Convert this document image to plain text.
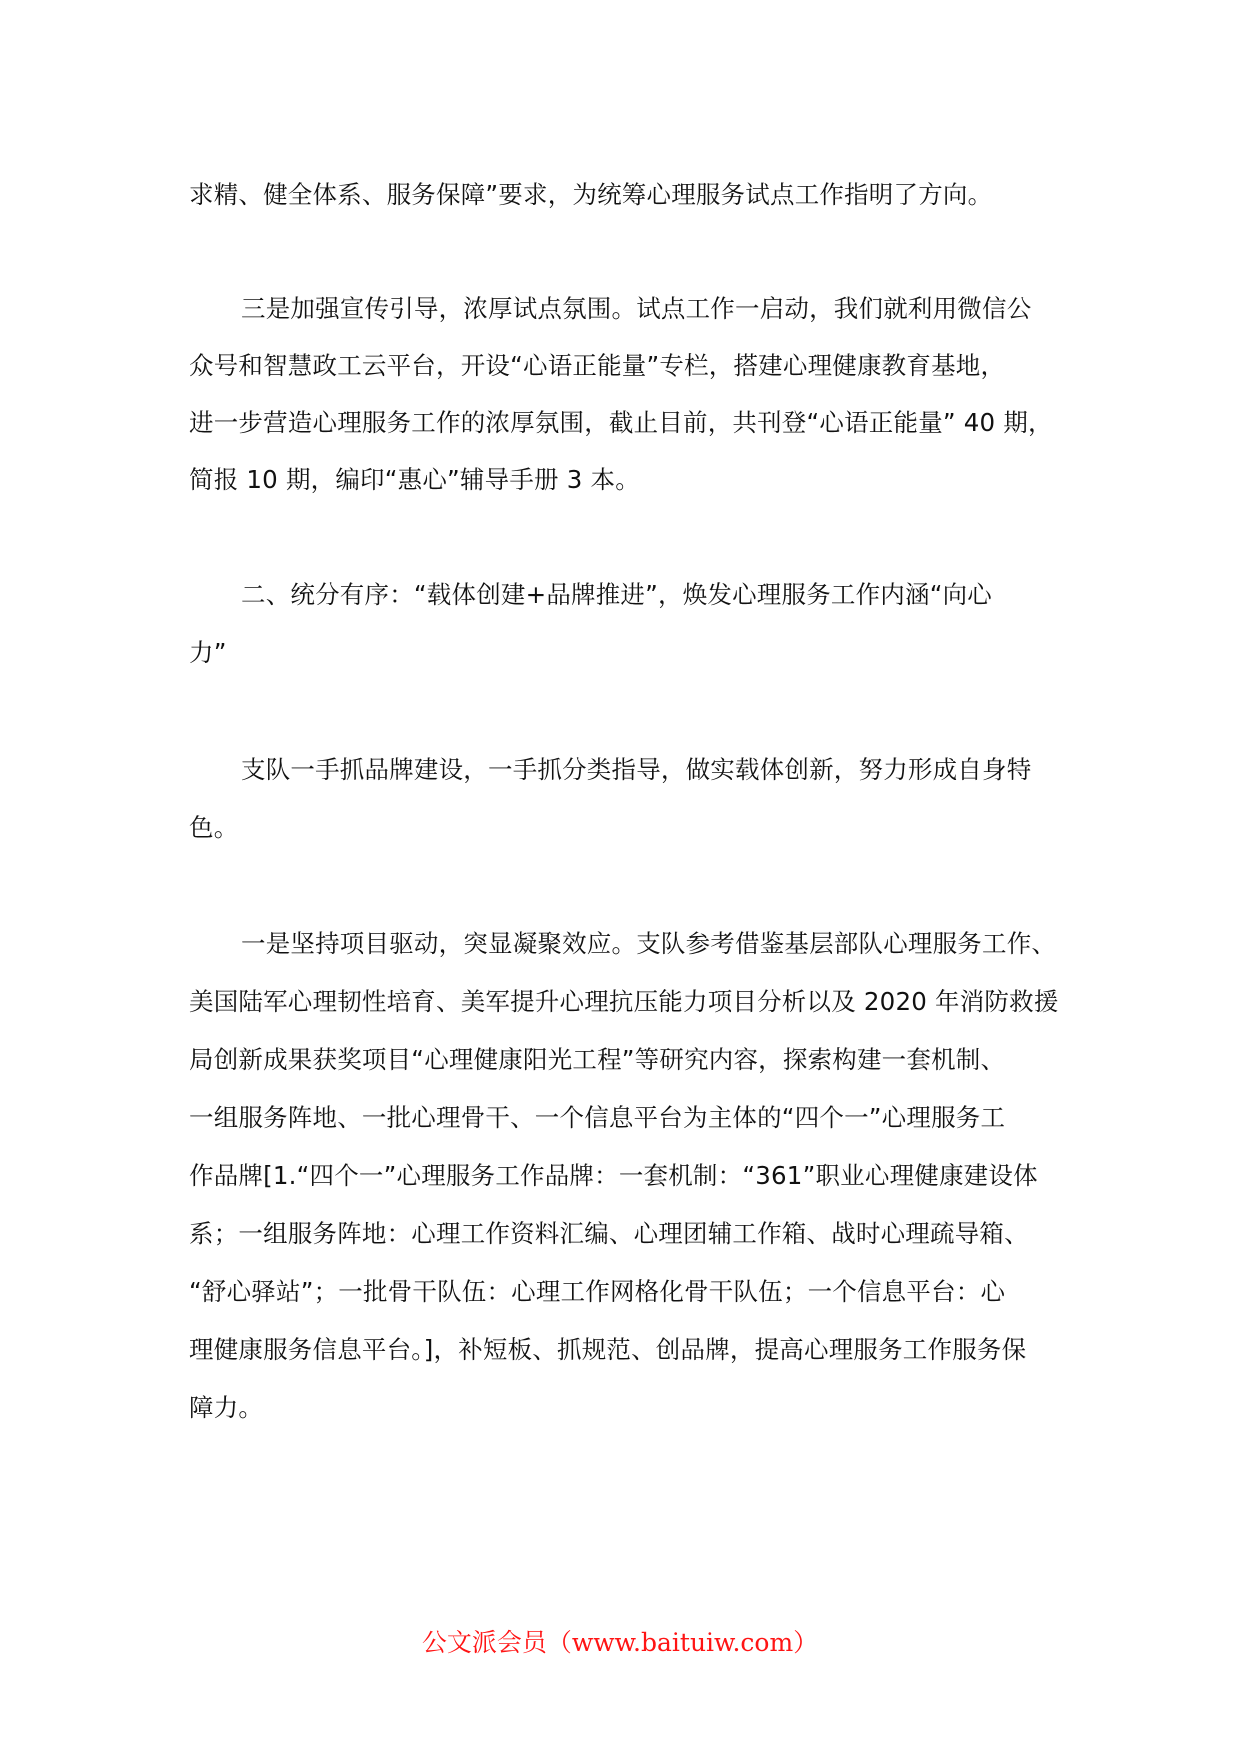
求精、健全体系、服务保障”要求，为统筹心理服务试点工作指明了方向。

三是加强宣传引导，浓厚试点氛围。试点工作一启动，我们就利用微信公

众号和智慧政工云平台，开设“心语正能量”专栏，搭建心理健康教育基地，

进一步营造心理服务工作的浓厚氛围，截止目前，共刊登“心语正能量” 40 期，

简报 10 期，编印“惠心”辅导手册 3 本。

二、统分有序：“载体创建+品牌推进”，焕发心理服务工作内涵“向心

力”

支队一手抓品牌建设，一手抓分类指导，做实载体创新，努力形成自身特

色。

一是坚持项目驱动，突显凝聚效应。支队参考借鉴基层部队心理服务工作、

美国陆军心理韧性培育、美军提升心理抗压能力项目分析以及 2020 年消防救援

局创新成果获奖项目“心理健康阳光工程”等研究内容，探索构建一套机制、

一组服务阵地、一批心理骨干、一个信息平台为主体的“四个一”心理服务工

作品牌[1.“四个一”心理服务工作品牌：一套机制：“361”职业心理健康建设体

系；一组服务阵地：心理工作资料汇编、心理团辅工作箱、战时心理疏导箱、

“舒心驿站”；一批骨干队伍：心理工作网格化骨干队伍；一个信息平台：心

理健康服务信息平台。]，补短板、抓规范、创品牌，提高心理服务工作服务保

障力。

公文派会员（www.baituiw.com）
